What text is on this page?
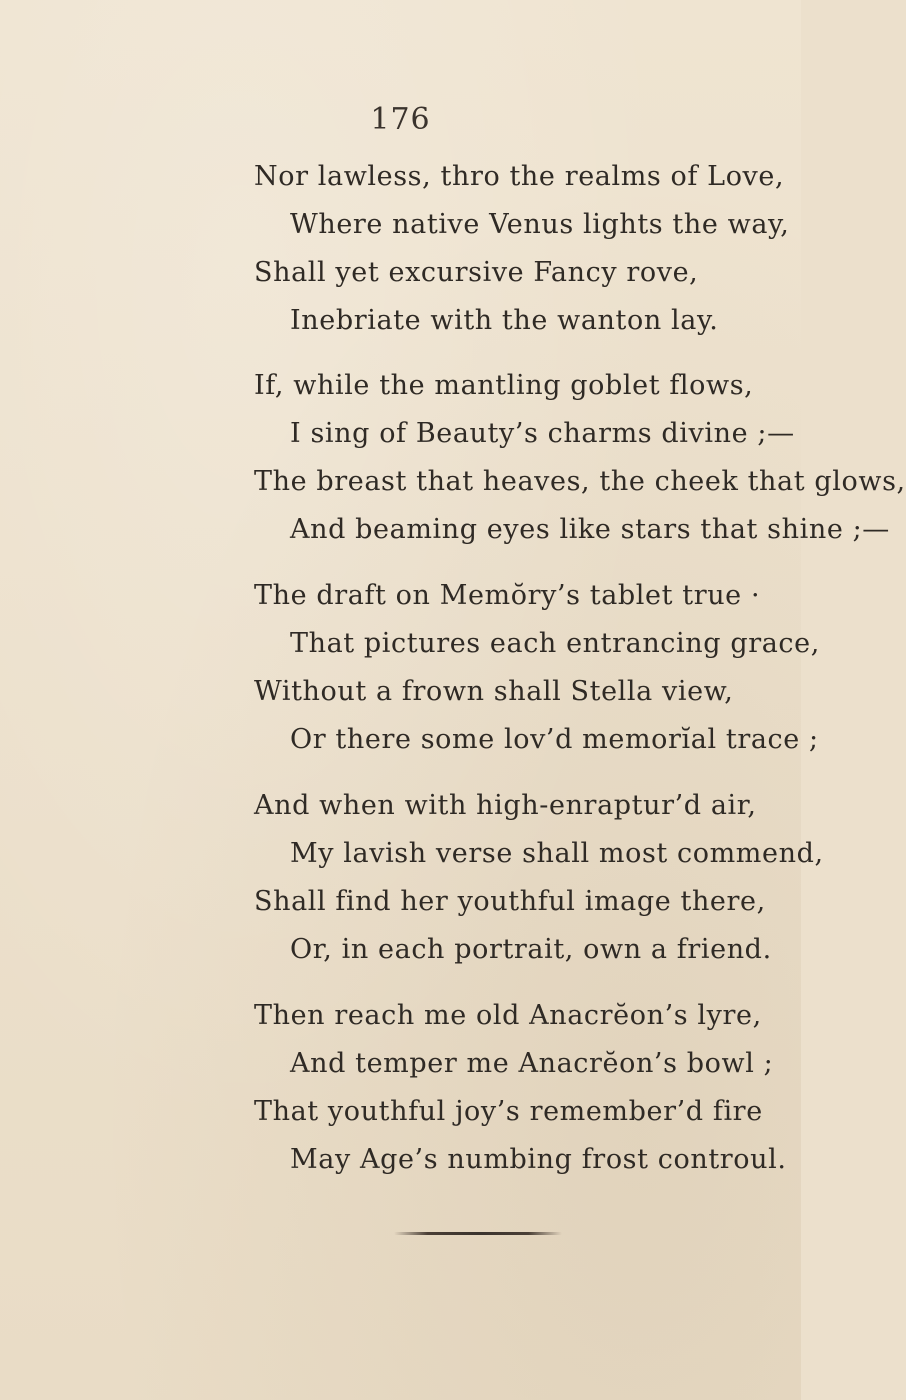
176

Nor lawless, thro the realms of Love,

Where native Venus lights the way,

Shall yet excursive Fancy rove,

Inebriate with the wanton lay.

If, while the mantling goblet flows,

I sing of Beauty’s charms divine ;—

The breast that heaves, the cheek that glows,

And beaming eyes like stars that shine ;—

The draft on Memŏry’s tablet true ·

That pictures each entrancing grace,

Without a frown shall Stella view,

Or there some lov’d memorĭal trace ;

And when with high-enraptur’d air,

My lavish verse shall most commend,

Shall find her youthful image there,

Or, in each portrait, own a friend.

Then reach me old Anacrĕon’s lyre,

And temper me Anacrĕon’s bowl ;

That youthful joy’s remember’d fire

May Age’s numbing frost controul.
